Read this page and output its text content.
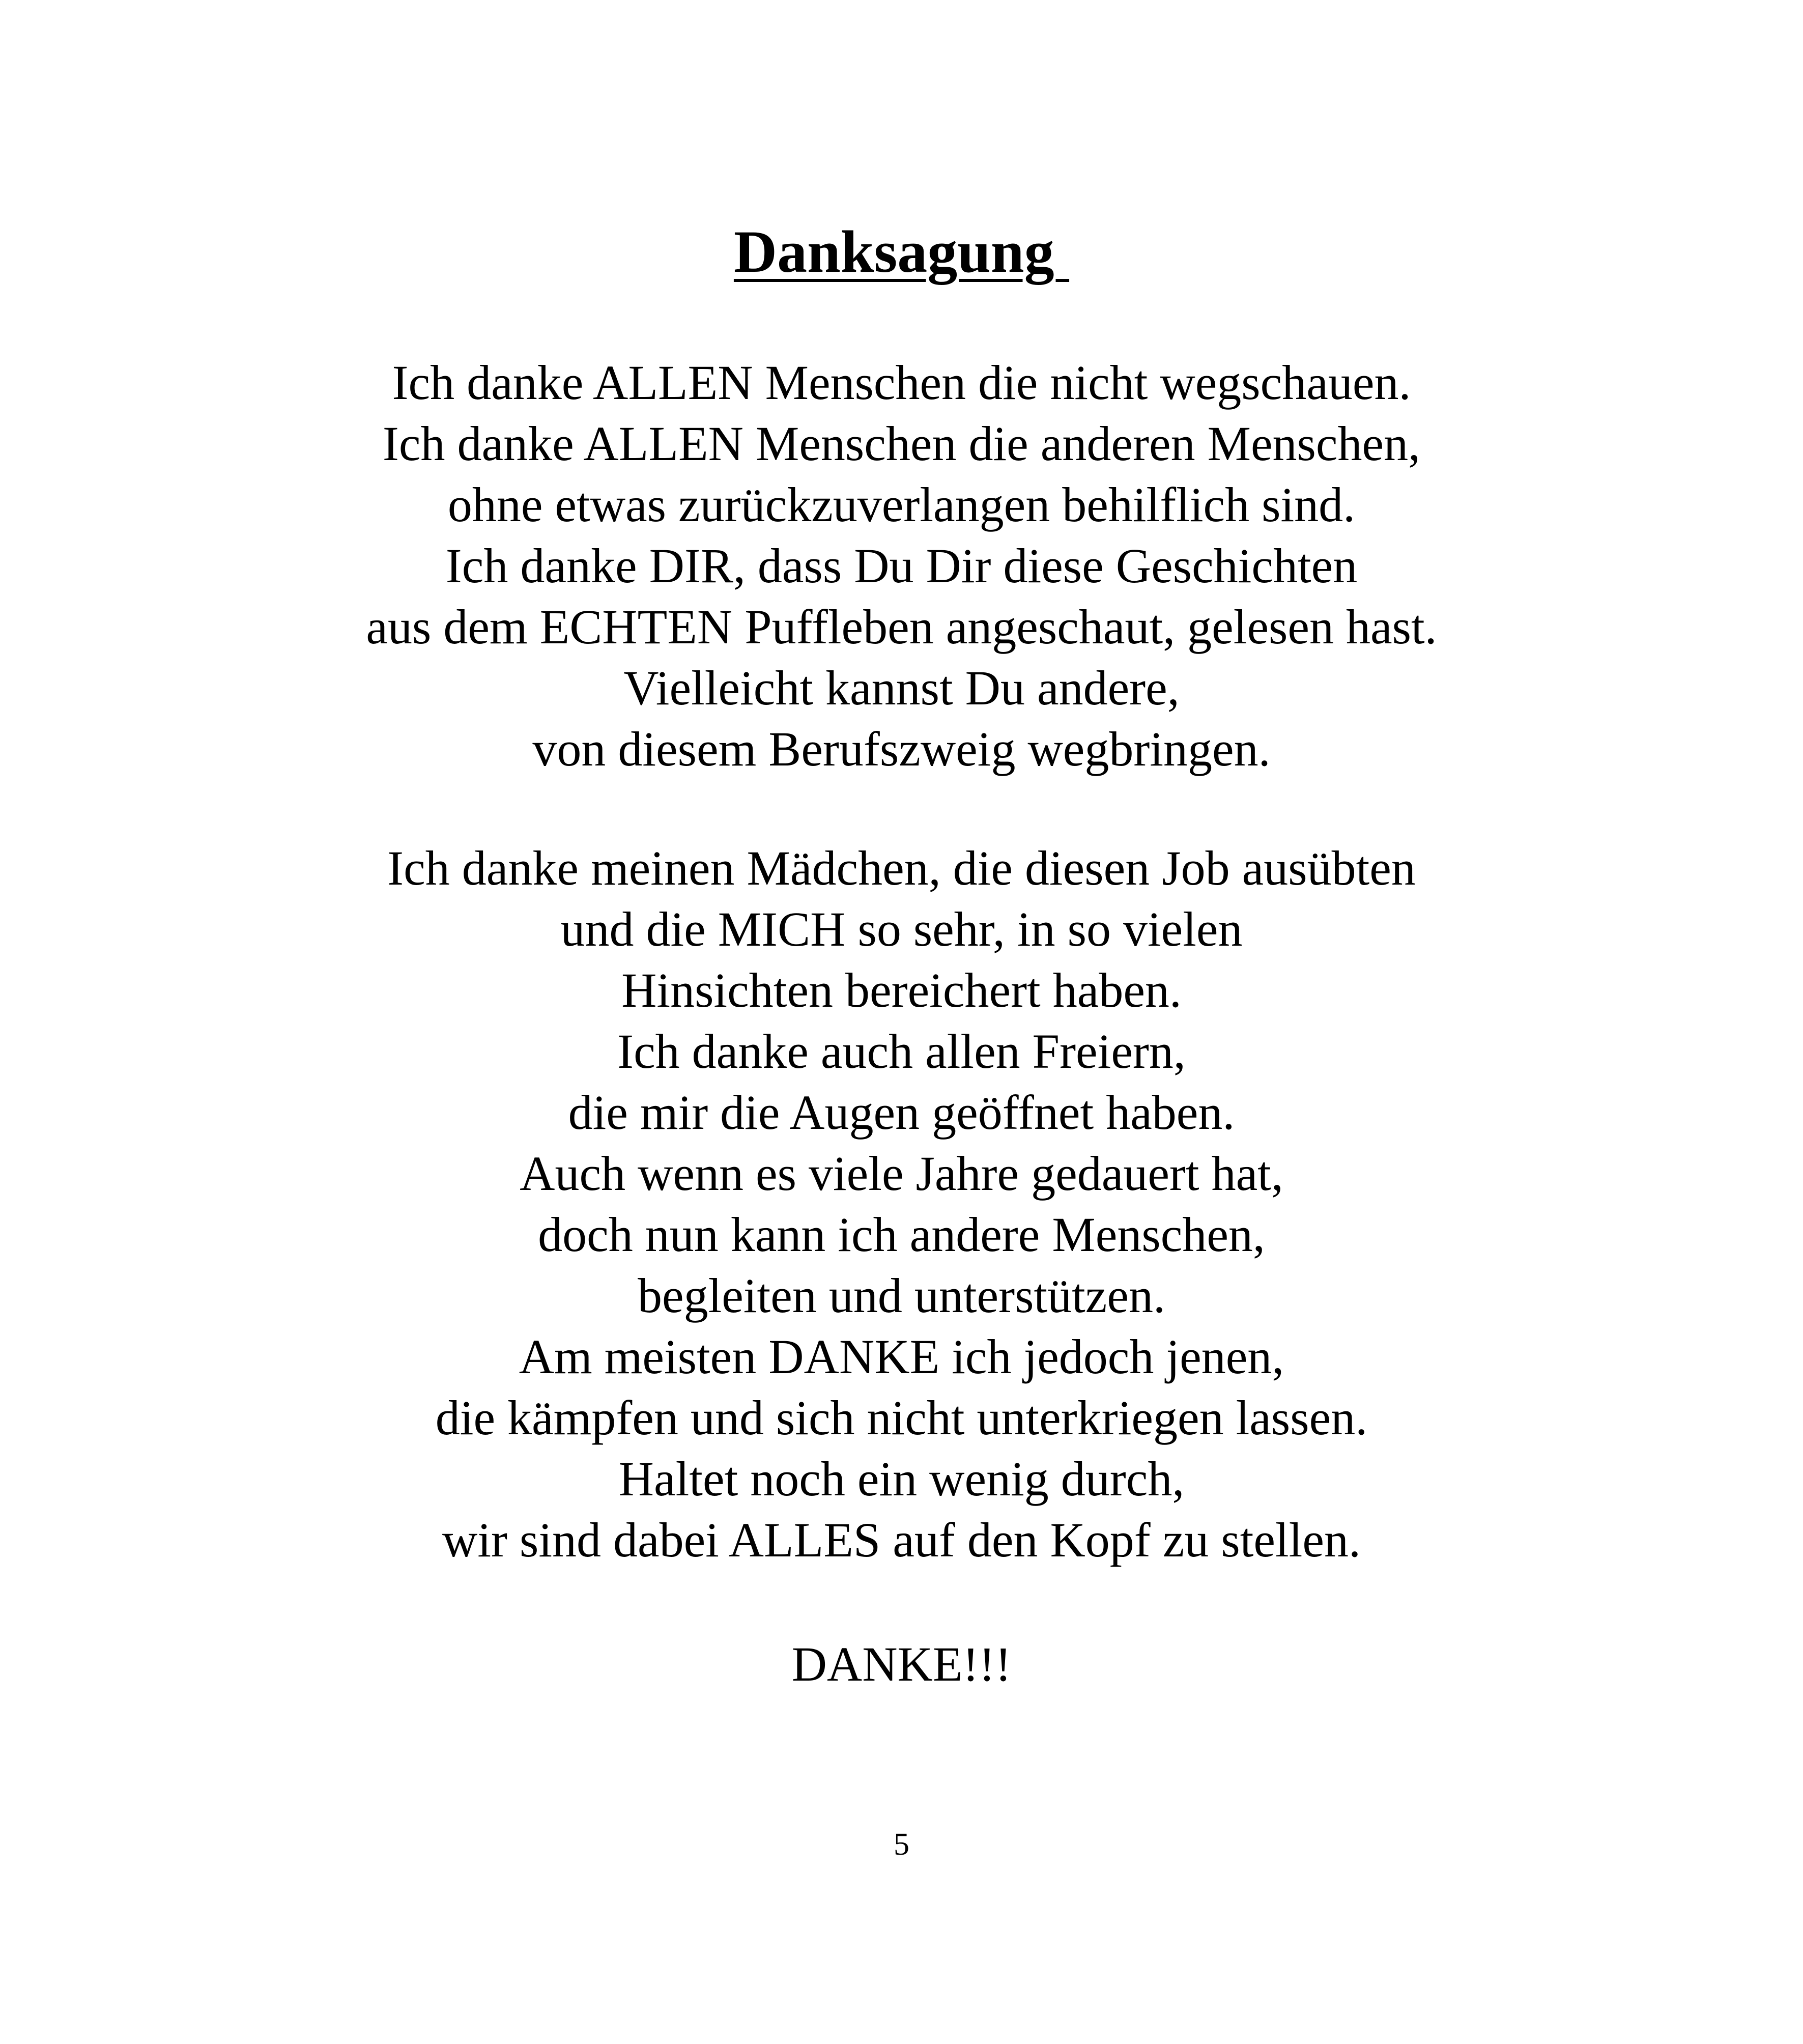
Danksagung
Ich danke ALLEN Menschen die nicht wegschauen.
Ich danke ALLEN Menschen die anderen Menschen,
ohne etwas zurückzuverlangen behilflich sind.
Ich danke DIR, dass Du Dir diese Geschichten
aus dem ECHTEN Puffleben angeschaut, gelesen hast.
Vielleicht kannst Du andere,
von diesem Berufszweig wegbringen.
Ich danke meinen Mädchen, die diesen Job ausübten
und die MICH so sehr, in so vielen
Hinsichten bereichert haben.
Ich danke auch allen Freiern,
die mir die Augen geöffnet haben.
Auch wenn es viele Jahre gedauert hat,
doch nun kann ich andere Menschen,
begleiten und unterstützen.
Am meisten DANKE ich jedoch jenen,
die kämpfen und sich nicht unterkriegen lassen.
Haltet noch ein wenig durch,
wir sind dabei ALLES auf den Kopf zu stellen.
DANKE!!!
5
